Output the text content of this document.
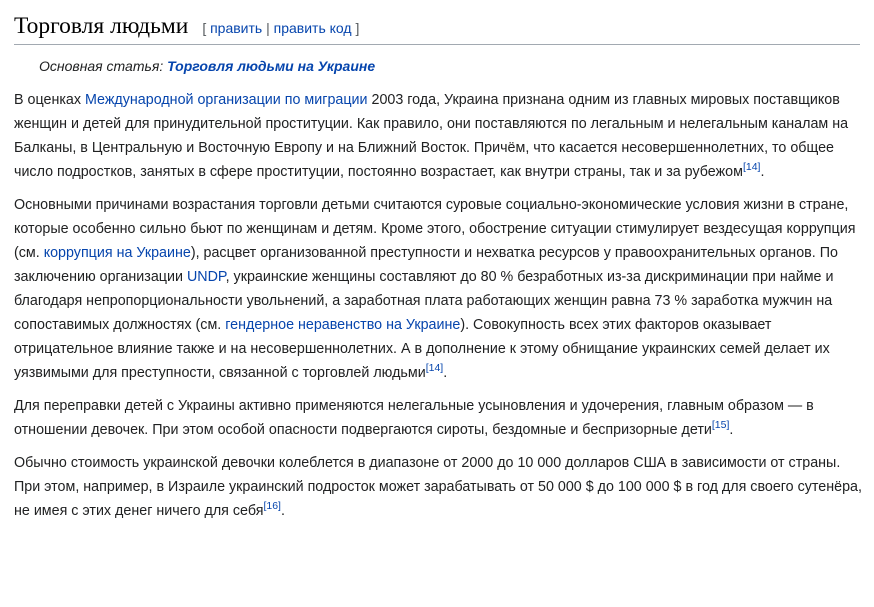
Торговля людьми [ править | править код ]
Основная статья: Торговля людьми на Украине

В оценках Международной организации по миграции 2003 года, Украина признана одним из главных мировых поставщиков женщин и детей для принудительной проституции. Как правило, они поставляются по легальным и нелегальным каналам на Балканы, в Центральную и Восточную Европу и на Ближний Восток. Причём, что касается несовершеннолетних, то общее число подростков, занятых в сфере проституции, постоянно возрастает, как внутри страны, так и за рубежом[14].

Основными причинами возрастания торговли детьми считаются суровые социально-экономические условия жизни в стране, которые особенно сильно бьют по женщинам и детям. Кроме этого, обострение ситуации стимулирует вездесущая коррупция (см. коррупция на Украине), расцвет организованной преступности и нехватка ресурсов у правоохранительных органов. По заключению организации UNDP, украинские женщины составляют до 80 % безработных из-за дискриминации при найме и благодаря непропорциональности увольнений, а заработная плата работающих женщин равна 73 % заработка мужчин на сопоставимых должностях (см. гендерное неравенство на Украине). Совокупность всех этих факторов оказывает отрицательное влияние также и на несовершеннолетних. А в дополнение к этому обнищание украинских семей делает их уязвимыми для преступности, связанной с торговлей людьми[14].

Для переправки детей с Украины активно применяются нелегальные усыновления и удочерения, главным образом — в отношении девочек. При этом особой опасности подвергаются сироты, бездомные и беспризорные дети[15].

Обычно стоимость украинской девочки колеблется в диапазоне от 2000 до 10 000 долларов США в зависимости от страны. При этом, например, в Израиле украинский подросток может зарабатывать от 50 000 $ до 100 000 $ в год для своего сутенёра, не имея с этих денег ничего для себя[16].
